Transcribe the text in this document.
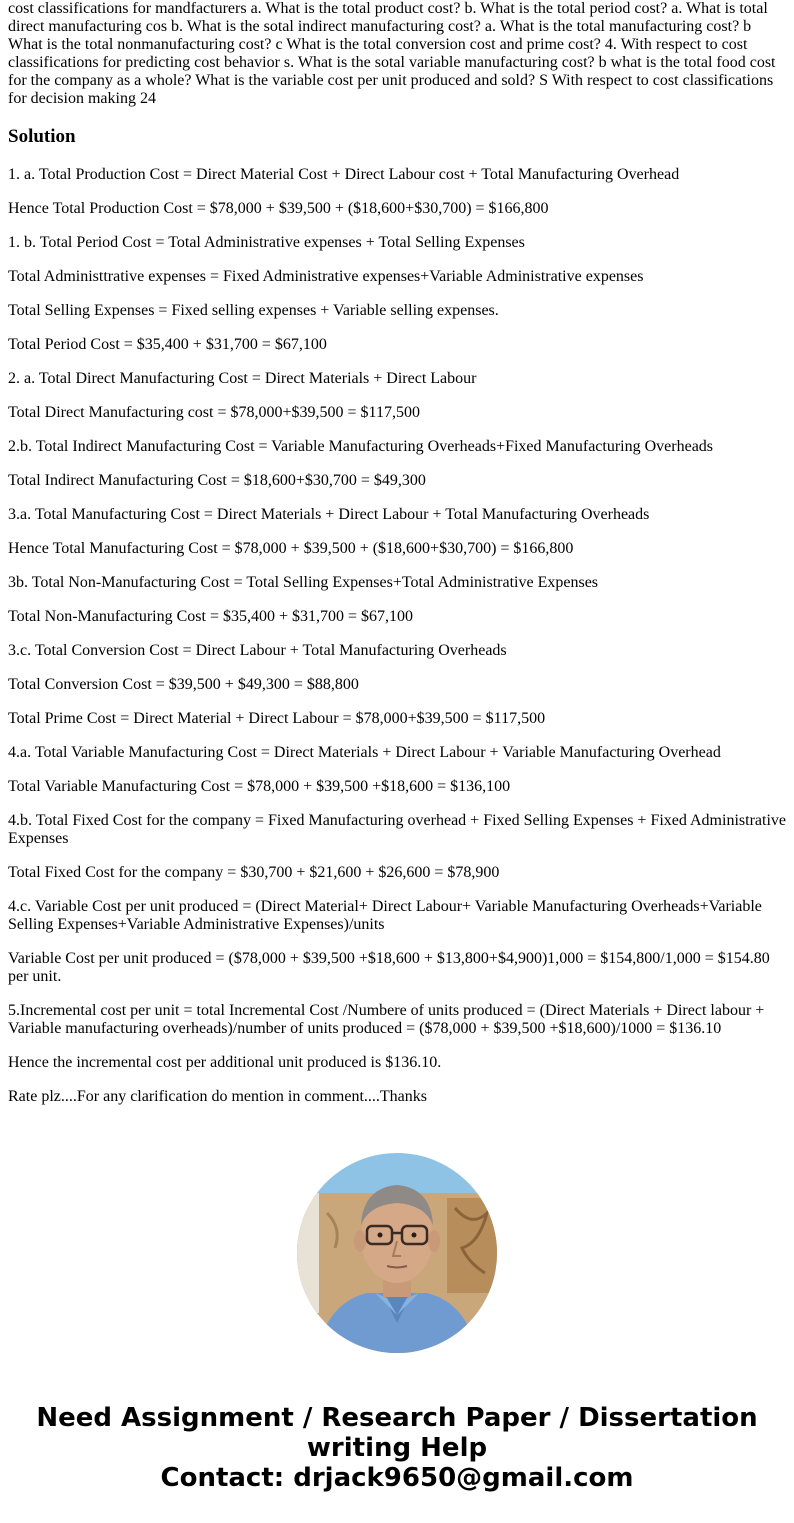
cost classifications for mandfacturers a. What is the total product cost? b. What is the total period cost? a. What is total direct manufacturing cos b. What is the sotal indirect manufacturing cost? a. What is the total manufacturing cost? b What is the total nonmanufacturing cost? c What is the total conversion cost and prime cost? 4. With respect to cost classifications for predicting cost behavior s. What is the sotal variable manufacturing cost? b what is the total food cost for the company as a whole? What is the variable cost per unit produced and sold? S With respect to cost classifications for decision making 24

Solution

1. a. Total Production Cost = Direct Material Cost + Direct Labour cost + Total Manufacturing Overhead

Hence Total Production Cost = $78,000 + $39,500 + ($18,600+$30,700) = $166,800

1. b. Total Period Cost = Total Administrative expenses + Total Selling Expenses

Total Administtrative expenses = Fixed Administrative expenses+Variable Administrative expenses

Total Selling Expenses = Fixed selling expenses + Variable selling expenses.

Total Period Cost = $35,400 + $31,700 = $67,100

2. a. Total Direct Manufacturing Cost = Direct Materials + Direct Labour

Total Direct Manufacturing cost = $78,000+$39,500 = $117,500

2.b. Total Indirect Manufacturing Cost = Variable Manufacturing Overheads+Fixed Manufacturing Overheads

Total Indirect Manufacturing Cost = $18,600+$30,700 = $49,300

3.a. Total Manufacturing Cost = Direct Materials + Direct Labour + Total Manufacturing Overheads

Hence Total Manufacturing Cost = $78,000 + $39,500 + ($18,600+$30,700) = $166,800

3b. Total Non-Manufacturing Cost = Total Selling Expenses+Total Administrative Expenses

Total Non-Manufacturing Cost = $35,400 + $31,700 = $67,100

3.c. Total Conversion Cost = Direct Labour + Total Manufacturing Overheads

Total Conversion Cost = $39,500 + $49,300 = $88,800

Total Prime Cost = Direct Material + Direct Labour = $78,000+$39,500 = $117,500

4.a. Total Variable Manufacturing Cost = Direct Materials + Direct Labour + Variable Manufacturing Overhead

Total Variable Manufacturing Cost = $78,000 + $39,500 +$18,600 = $136,100

4.b. Total Fixed Cost for the company = Fixed Manufacturing overhead + Fixed Selling Expenses + Fixed Administrative Expenses

Total Fixed Cost for the company = $30,700 + $21,600 + $26,600 = $78,900

4.c. Variable Cost per unit produced = (Direct Material+ Direct Labour+ Variable Manufacturing Overheads+Variable Selling Expenses+Variable Administrative Expenses)/units

Variable Cost per unit produced = ($78,000 + $39,500 +$18,600 + $13,800+$4,900)1,000 = $154,800/1,000 = $154.80 per unit.

5.Incremental cost per unit = total Incremental Cost /Numbere of units produced = (Direct Materials + Direct labour + Variable manufacturing overheads)/number of units produced = ($78,000 + $39,500 +$18,600)/1000 = $136.10

Hence the incremental cost per additional unit produced is $136.10.

Rate plz....For any clarification do mention in comment....Thanks

Need Assignment / Research Paper / Dissertation
writing Help
Contact: drjack9650@gmail.com
